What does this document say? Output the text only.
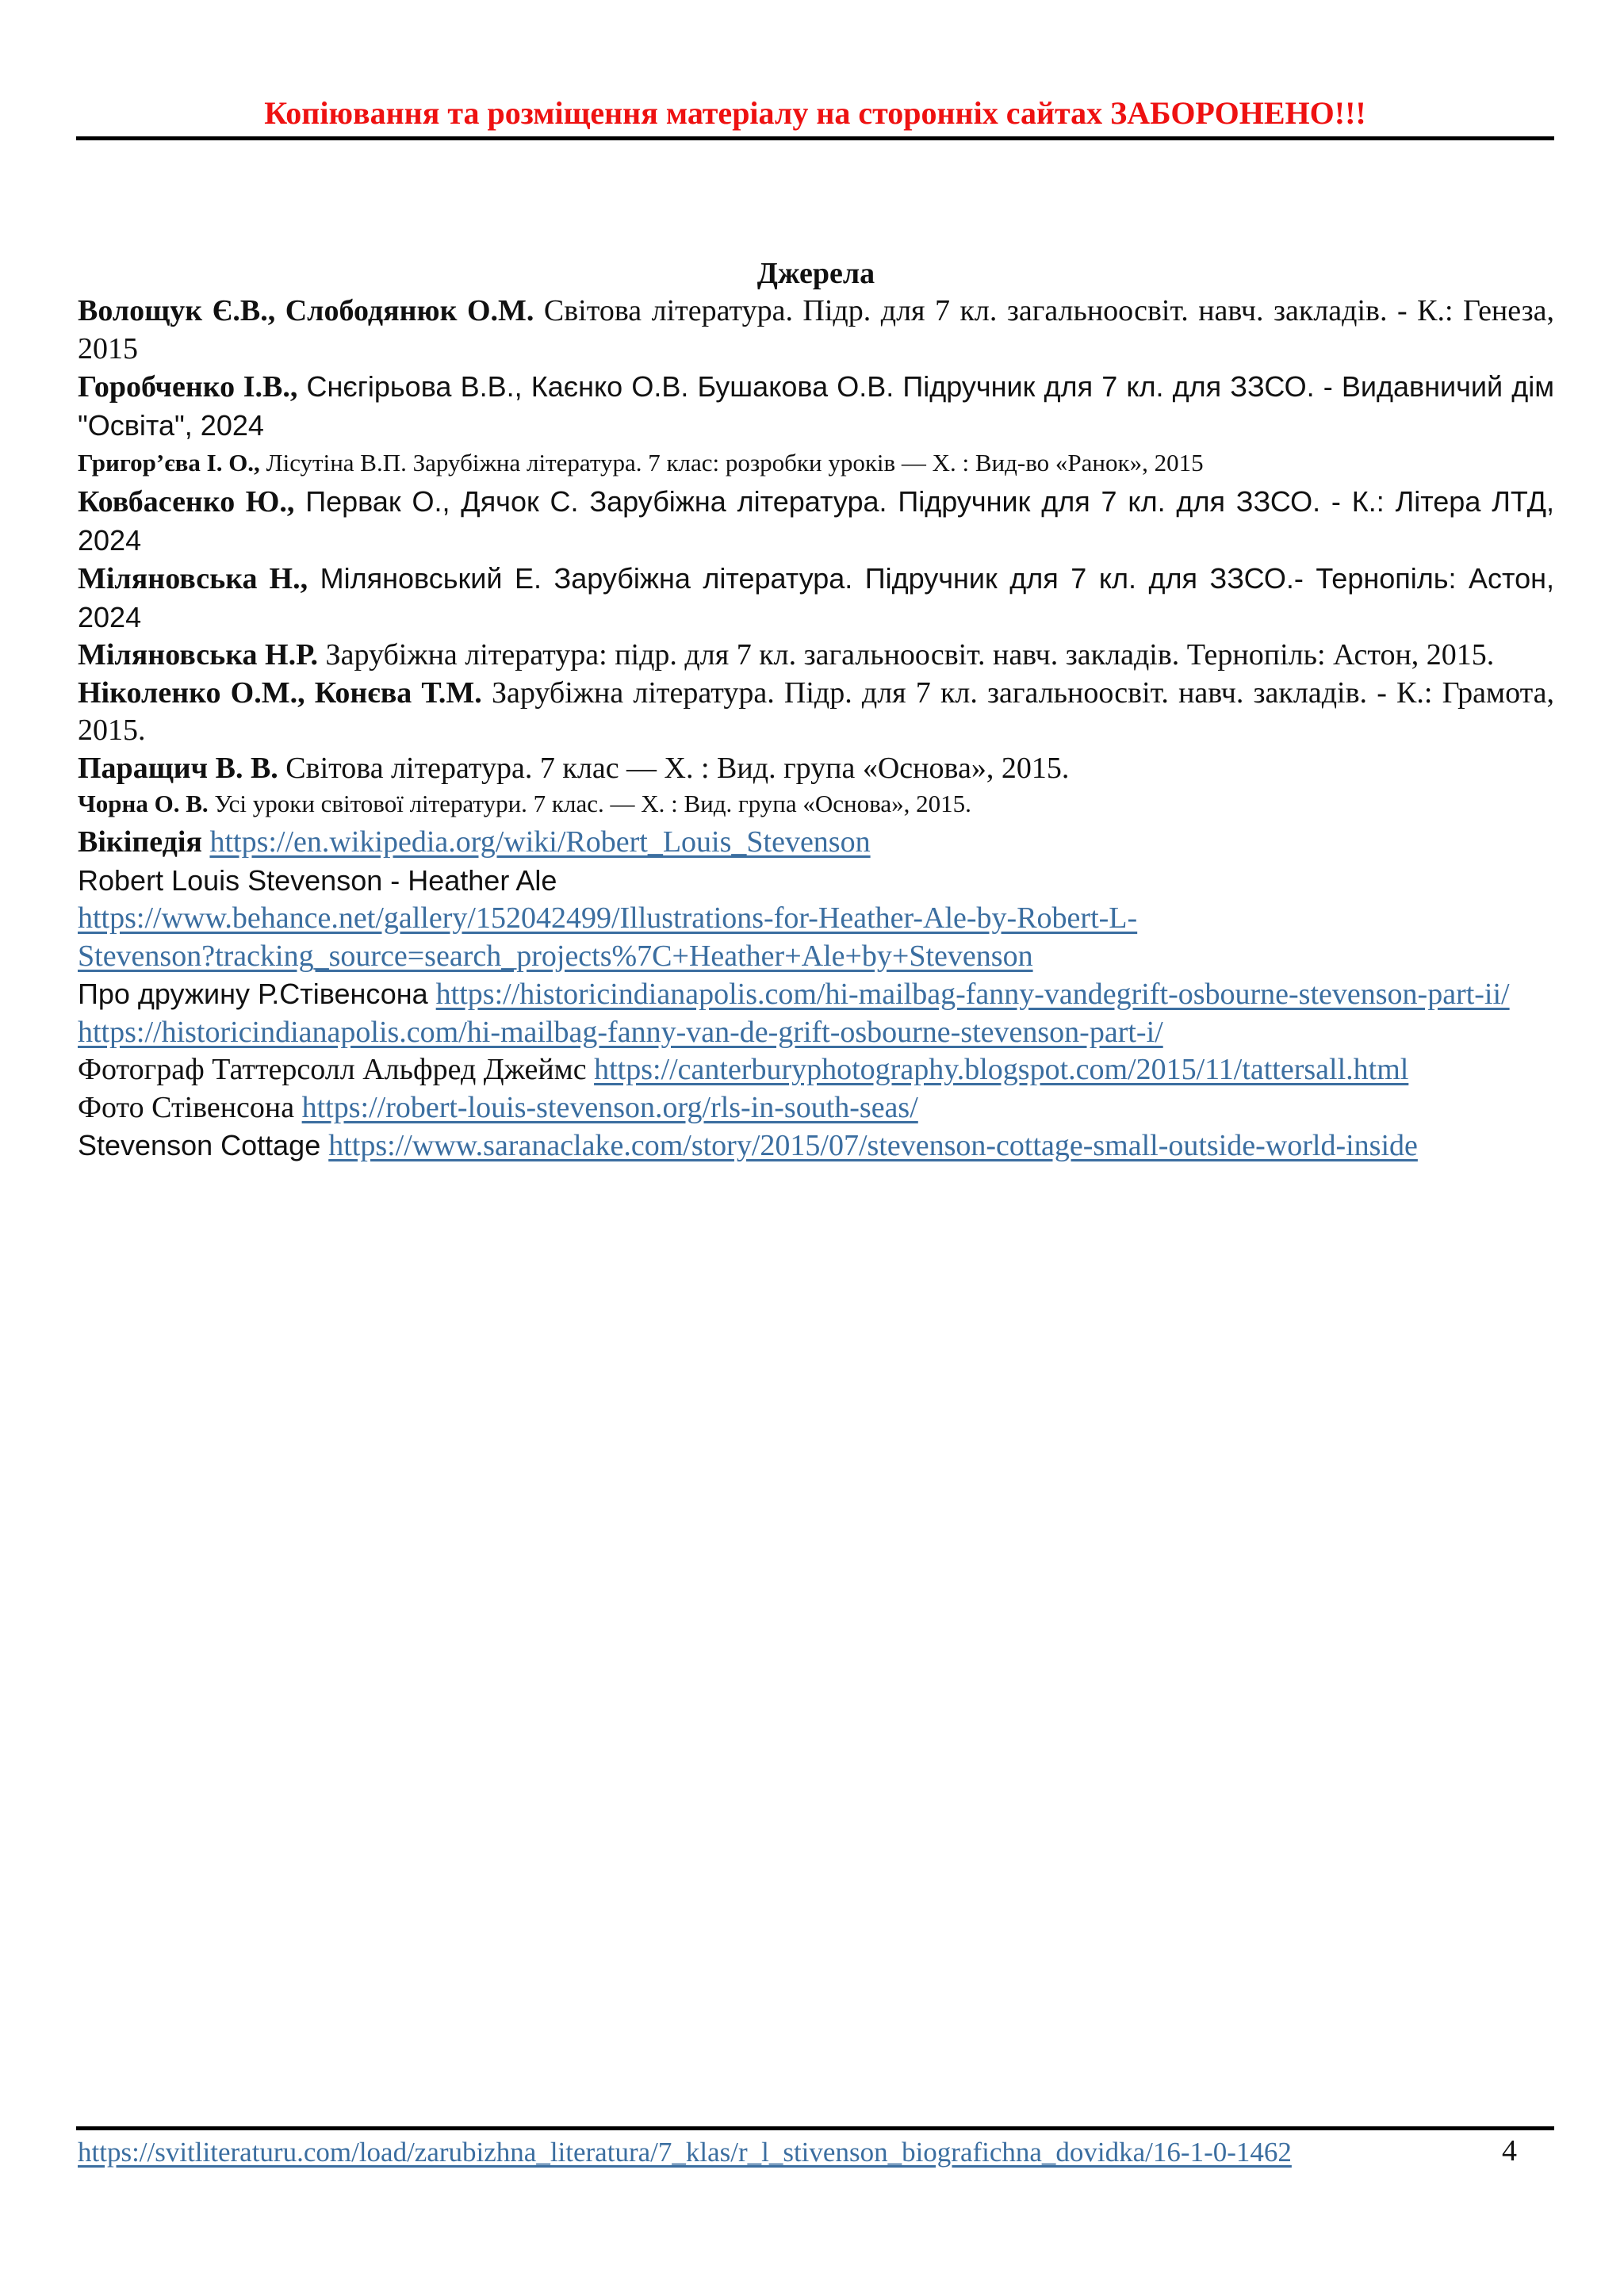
Копіювання та розміщення матеріалу на сторонніх сайтах ЗАБОРОНЕНО!!!

Джерела

Волощук Є.В., Слободянюк О.М. Світова література. Підр. для 7 кл. загальноосвіт. навч. закладів. - К.: Генеза, 2015

Горобченко І.В., Снєгірьова В.В., Каєнко О.В. Бушакова О.В. Підручник для 7 кл. для ЗЗСО. - Видавничий дім "Освіта", 2024

Григор’єва І. О., Лісутіна В.П. Зарубіжна література. 7 клас: розробки уроків — Х. : Вид-во «Ранок», 2015

Ковбасенко Ю., Первак О., Дячок С. Зарубіжна література. Підручник для 7 кл. для ЗЗСО. - К.: Літера ЛТД, 2024

Міляновська Н., Міляновський Е. Зарубіжна література. Підручник для 7 кл. для ЗЗСО.- Тернопіль: Астон, 2024

Міляновська Н.Р. Зарубіжна література: підр. для 7 кл. загальноосвіт. навч. закладів. Тернопіль: Астон, 2015.

Ніколенко О.М., Конєва Т.М. Зарубіжна література. Підр. для 7 кл. загальноосвіт. навч. закладів. - К.: Грамота, 2015.

Паращич В. В. Світова література. 7 клас — Х. : Вид. група «Основа», 2015.

Чорна О. В. Усі уроки світової літератури. 7 клас. — Х. : Вид. група «Основа», 2015.

Вікіпедія https://en.wikipedia.org/wiki/Robert_Louis_Stevenson

Robert Louis Stevenson - Heather Ale

https://www.behance.net/gallery/152042499/Illustrations-for-Heather-Ale-by-Robert-L-

Stevenson?tracking_source=search_projects%7C+Heather+Ale+by+Stevenson

Про дружину Р.Стівенсона https://historicindianapolis.com/hi-mailbag-fanny-vandegrift-osbourne-stevenson-part-ii/

https://historicindianapolis.com/hi-mailbag-fanny-van-de-grift-osbourne-stevenson-part-i/

Фотограф Таттерсолл Альфред Джеймс https://canterburyphotography.blogspot.com/2015/11/tattersall.html

Фото Стівенсона https://robert-louis-stevenson.org/rls-in-south-seas/

Stevenson Cottage https://www.saranaclake.com/story/2015/07/stevenson-cottage-small-outside-world-inside

https://svitliteraturu.com/load/zarubizhna_literatura/7_klas/r_l_stivenson_biografichna_dovidka/16-1-0-1462	4
